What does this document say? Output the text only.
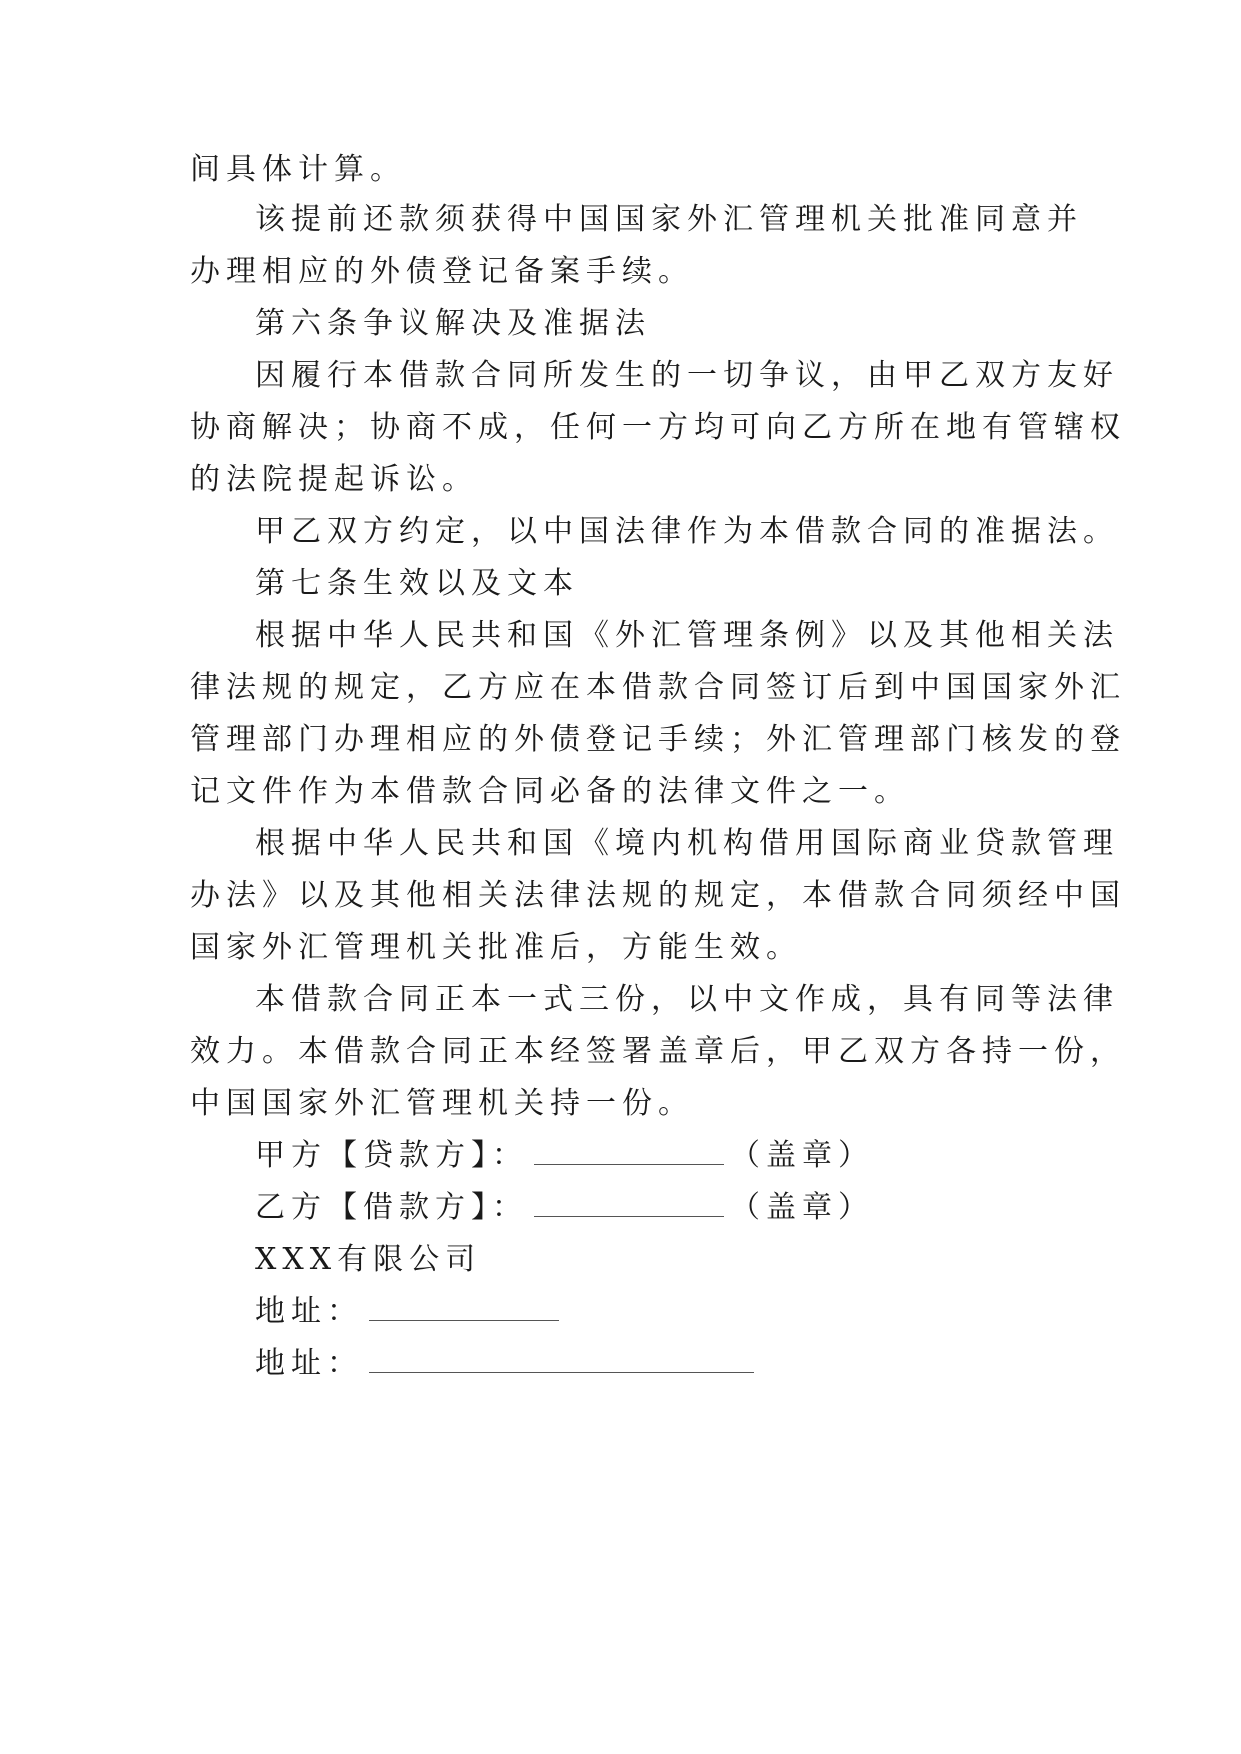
间具体计算。
该提前还款须获得中国国家外汇管理机关批准同意并
办理相应的外债登记备案手续。
第六条争议解决及准据法
因履行本借款合同所发生的一切争议，由甲乙双方友好
协商解决；协商不成，任何一方均可向乙方所在地有管辖权
的法院提起诉讼。
甲乙双方约定，以中国法律作为本借款合同的准据法。
第七条生效以及文本
根据中华人民共和国《外汇管理条例》以及其他相关法
律法规的规定，乙方应在本借款合同签订后到中国国家外汇
管理部门办理相应的外债登记手续；外汇管理部门核发的登
记文件作为本借款合同必备的法律文件之一。
根据中华人民共和国《境内机构借用国际商业贷款管理
办法》以及其他相关法律法规的规定，本借款合同须经中国
国家外汇管理机关批准后，方能生效。
本借款合同正本一式三份，以中文作成，具有同等法律
效力。本借款合同正本经签署盖章后，甲乙双方各持一份，
中国国家外汇管理机关持一份。
甲方【贷款方】：	（盖章）
乙方【借款方】：	（盖章）
XXX有限公司
地址：
地址：
